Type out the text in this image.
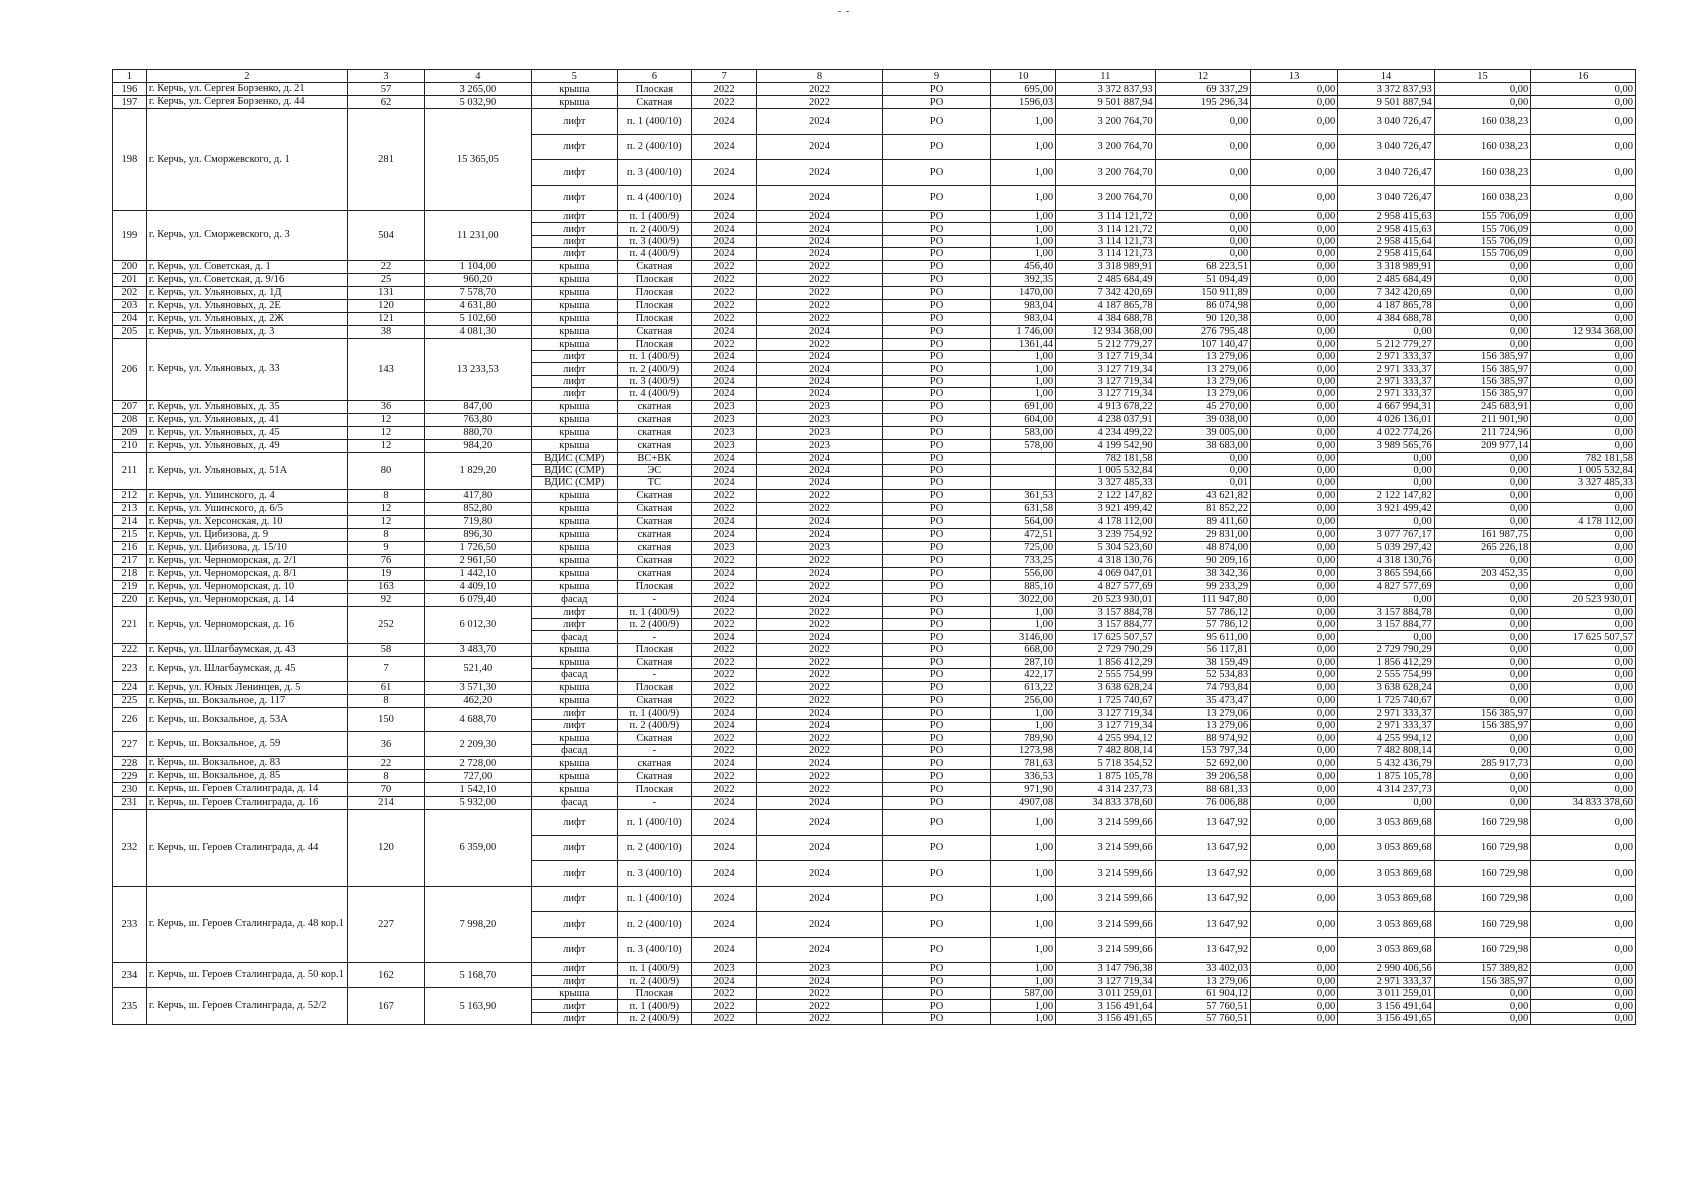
- -
1	2	3	4	5	6	7	8	9	10	11	12	13	14	15	16
196	г. Керчь, ул. Сергея Борзенко, д. 21	57	3 265,00	крыша	Плоская	2022	2022	РО	695,00	3 372 837,93	69 337,29	0,00	3 372 837,93	0,00	0,00
197	г. Керчь, ул. Сергея Борзенко, д. 44	62	5 032,90	крыша	Скатная	2022	2022	РО	1596,03	9 501 887,94	195 296,34	0,00	9 501 887,94	0,00	0,00
198	г. Керчь, ул. Сморжевского, д. 1	281	15 365,05	лифт	п. 1 (400/10)	2024	2024	РО	1,00	3 200 764,70	0,00	0,00	3 040 726,47	160 038,23	0,00
				лифт	п. 2 (400/10)	2024	2024	РО	1,00	3 200 764,70	0,00	0,00	3 040 726,47	160 038,23	0,00
				лифт	п. 3 (400/10)	2024	2024	РО	1,00	3 200 764,70	0,00	0,00	3 040 726,47	160 038,23	0,00
				лифт	п. 4 (400/10)	2024	2024	РО	1,00	3 200 764,70	0,00	0,00	3 040 726,47	160 038,23	0,00
199	г. Керчь, ул. Сморжевского, д. 3	504	11 231,00	лифт	п. 1 (400/9)	2024	2024	РО	1,00	3 114 121,72	0,00	0,00	2 958 415,63	155 706,09	0,00
				лифт	п. 2 (400/9)	2024	2024	РО	1,00	3 114 121,72	0,00	0,00	2 958 415,63	155 706,09	0,00
				лифт	п. 3 (400/9)	2024	2024	РО	1,00	3 114 121,73	0,00	0,00	2 958 415,64	155 706,09	0,00
				лифт	п. 4 (400/9)	2024	2024	РО	1,00	3 114 121,73	0,00	0,00	2 958 415,64	155 706,09	0,00
200	г. Керчь, ул. Советская, д. 1	22	1 104,00	крыша	Скатная	2022	2022	РО	456,40	3 318 989,91	68 223,51	0,00	3 318 989,91	0,00	0,00
201	г. Керчь, ул. Советская, д. 9/16	25	960,20	крыша	Плоская	2022	2022	РО	392,35	2 485 684,49	51 094,49	0,00	2 485 684,49	0,00	0,00
202	г. Керчь, ул. Ульяновых, д. 1Д	131	7 578,70	крыша	Плоская	2022	2022	РО	1470,00	7 342 420,69	150 911,89	0,00	7 342 420,69	0,00	0,00
203	г. Керчь, ул. Ульяновых, д. 2Е	120	4 631,80	крыша	Плоская	2022	2022	РО	983,04	4 187 865,78	86 074,98	0,00	4 187 865,78	0,00	0,00
204	г. Керчь, ул. Ульяновых, д. 2Ж	121	5 102,60	крыша	Плоская	2022	2022	РО	983,04	4 384 688,78	90 120,38	0,00	4 384 688,78	0,00	0,00
205	г. Керчь, ул. Ульяновых, д. 3	38	4 081,30	крыша	Скатная	2024	2024	РО	1 746,00	12 934 368,00	276 795,48	0,00	0,00	0,00	12 934 368,00
206	г. Керчь, ул. Ульяновых, д. 33	143	13 233,53	крыша	Плоская	2022	2022	РО	1361,44	5 212 779,27	107 140,47	0,00	5 212 779,27	0,00	0,00
				лифт	п. 1 (400/9)	2024	2024	РО	1,00	3 127 719,34	13 279,06	0,00	2 971 333,37	156 385,97	0,00
				лифт	п. 2 (400/9)	2024	2024	РО	1,00	3 127 719,34	13 279,06	0,00	2 971 333,37	156 385,97	0,00
				лифт	п. 3 (400/9)	2024	2024	РО	1,00	3 127 719,34	13 279,06	0,00	2 971 333,37	156 385,97	0,00
				лифт	п. 4 (400/9)	2024	2024	РО	1,00	3 127 719,34	13 279,06	0,00	2 971 333,37	156 385,97	0,00
207	г. Керчь, ул. Ульяновых, д. 35	36	847,00	крыша	скатная	2023	2023	РО	691,00	4 913 678,22	45 270,00	0,00	4 667 994,31	245 683,91	0,00
208	г. Керчь, ул. Ульяновых, д. 41	12	763,80	крыша	скатная	2023	2023	РО	604,00	4 238 037,91	39 038,00	0,00	4 026 136,01	211 901,90	0,00
209	г. Керчь, ул. Ульяновых, д. 45	12	880,70	крыша	скатная	2023	2023	РО	583,00	4 234 499,22	39 005,00	0,00	4 022 774,26	211 724,96	0,00
210	г. Керчь, ул. Ульяновых, д. 49	12	984,20	крыша	скатная	2023	2023	РО	578,00	4 199 542,90	38 683,00	0,00	3 989 565,76	209 977,14	0,00
211	г. Керчь, ул. Ульяновых, д. 51А	80	1 829,20	ВДИС (СМР)	ВС+ВК	2024	2024	РО		782 181,58	0,00	0,00	0,00	0,00	782 181,58
				ВДИС (СМР)	ЭС	2024	2024	РО		1 005 532,84	0,00	0,00	0,00	0,00	1 005 532,84
				ВДИС (СМР)	ТС	2024	2024	РО		3 327 485,33	0,01	0,00	0,00	0,00	3 327 485,33
212	г. Керчь, ул. Ушинского, д. 4	8	417,80	крыша	Скатная	2022	2022	РО	361,53	2 122 147,82	43 621,82	0,00	2 122 147,82	0,00	0,00
213	г. Керчь, ул. Ушинского, д. 6/5	12	852,80	крыша	Скатная	2022	2022	РО	631,58	3 921 499,42	81 852,22	0,00	3 921 499,42	0,00	0,00
214	г. Керчь, ул. Херсонская, д. 10	12	719,80	крыша	Скатная	2024	2024	РО	564,00	4 178 112,00	89 411,60	0,00	0,00	0,00	4 178 112,00
215	г. Керчь, ул. Цибизова, д. 9	8	896,30	крыша	скатная	2024	2024	РО	472,51	3 239 754,92	29 831,00	0,00	3 077 767,17	161 987,75	0,00
216	г. Керчь, ул. Цибизова, д. 15/10	9	1 726,50	крыша	скатная	2023	2023	РО	725,00	5 304 523,60	48 874,00	0,00	5 039 297,42	265 226,18	0,00
217	г. Керчь, ул. Черноморская, д. 2/1	76	2 961,50	крыша	Скатная	2022	2022	РО	733,25	4 318 130,76	90 209,16	0,00	4 318 130,76	0,00	0,00
218	г. Керчь, ул. Черноморская, д. 8/1	19	1 442,10	крыша	скатная	2024	2024	РО	556,00	4 069 047,01	38 342,36	0,00	3 865 594,66	203 452,35	0,00
219	г. Керчь, ул. Черноморская, д. 10	163	4 409,10	крыша	Плоская	2022	2022	РО	885,10	4 827 577,69	99 233,29	0,00	4 827 577,69	0,00	0,00
220	г. Керчь, ул. Черноморская, д. 14	92	6 079,40	фасад	-	2024	2024	РО	3022,00	20 523 930,01	111 947,80	0,00	0,00	0,00	20 523 930,01
221	г. Керчь, ул. Черноморская, д. 16	252	6 012,30	лифт	п. 1 (400/9)	2022	2022	РО	1,00	3 157 884,78	57 786,12	0,00	3 157 884,78	0,00	0,00
				лифт	п. 2 (400/9)	2022	2022	РО	1,00	3 157 884,77	57 786,12	0,00	3 157 884,77	0,00	0,00
				фасад	-	2024	2024	РО	3146,00	17 625 507,57	95 611,00	0,00	0,00	0,00	17 625 507,57
222	г. Керчь, ул. Шлагбаумская, д. 43	58	3 483,70	крыша	Плоская	2022	2022	РО	668,00	2 729 790,29	56 117,81	0,00	2 729 790,29	0,00	0,00
223	г. Керчь, ул. Шлагбаумская, д. 45	7	521,40	крыша	Скатная	2022	2022	РО	287,10	1 856 412,29	38 159,49	0,00	1 856 412,29	0,00	0,00
				фасад	-	2022	2022	РО	422,17	2 555 754,99	52 534,83	0,00	2 555 754,99	0,00	0,00
224	г. Керчь, ул. Юных Ленинцев, д. 5	61	3 571,30	крыша	Плоская	2022	2022	РО	613,22	3 638 628,24	74 793,84	0,00	3 638 628,24	0,00	0,00
225	г. Керчь, ш. Вокзальное, д. 117	8	462,20	крыша	Скатная	2022	2022	РО	256,00	1 725 740,67	35 473,47	0,00	1 725 740,67	0,00	0,00
226	г. Керчь, ш. Вокзальное, д. 53А	150	4 688,70	лифт	п. 1 (400/9)	2024	2024	РО	1,00	3 127 719,34	13 279,06	0,00	2 971 333,37	156 385,97	0,00
				лифт	п. 2 (400/9)	2024	2024	РО	1,00	3 127 719,34	13 279,06	0,00	2 971 333,37	156 385,97	0,00
227	г. Керчь, ш. Вокзальное, д. 59	36	2 209,30	крыша	Скатная	2022	2022	РО	789,90	4 255 994,12	88 974,92	0,00	4 255 994,12	0,00	0,00
				фасад	-	2022	2022	РО	1273,98	7 482 808,14	153 797,34	0,00	7 482 808,14	0,00	0,00
228	г. Керчь, ш. Вокзальное, д. 83	22	2 728,00	крыша	скатная	2024	2024	РО	781,63	5 718 354,52	52 692,00	0,00	5 432 436,79	285 917,73	0,00
229	г. Керчь, ш. Вокзальное, д. 85	8	727,00	крыша	Скатная	2022	2022	РО	336,53	1 875 105,78	39 206,58	0,00	1 875 105,78	0,00	0,00
230	г. Керчь, ш. Героев Сталинграда, д. 14	70	1 542,10	крыша	Плоская	2022	2022	РО	971,90	4 314 237,73	88 681,33	0,00	4 314 237,73	0,00	0,00
231	г. Керчь, ш. Героев Сталинграда, д. 16	214	5 932,00	фасад	-	2024	2024	РО	4907,08	34 833 378,60	76 006,88	0,00	0,00	0,00	34 833 378,60
232	г. Керчь, ш. Героев Сталинграда, д. 44	120	6 359,00	лифт	п. 1 (400/10)	2024	2024	РО	1,00	3 214 599,66	13 647,92	0,00	3 053 869,68	160 729,98	0,00
				лифт	п. 2 (400/10)	2024	2024	РО	1,00	3 214 599,66	13 647,92	0,00	3 053 869,68	160 729,98	0,00
				лифт	п. 3 (400/10)	2024	2024	РО	1,00	3 214 599,66	13 647,92	0,00	3 053 869,68	160 729,98	0,00
233	г. Керчь, ш. Героев Сталинграда, д. 48 кор.1	227	7 998,20	лифт	п. 1 (400/10)	2024	2024	РО	1,00	3 214 599,66	13 647,92	0,00	3 053 869,68	160 729,98	0,00
				лифт	п. 2 (400/10)	2024	2024	РО	1,00	3 214 599,66	13 647,92	0,00	3 053 869,68	160 729,98	0,00
				лифт	п. 3 (400/10)	2024	2024	РО	1,00	3 214 599,66	13 647,92	0,00	3 053 869,68	160 729,98	0,00
234	г. Керчь, ш. Героев Сталинграда, д. 50 кор.1	162	5 168,70	лифт	п. 1 (400/9)	2023	2023	РО	1,00	3 147 796,38	33 402,03	0,00	2 990 406,56	157 389,82	0,00
				лифт	п. 2 (400/9)	2024	2024	РО	1,00	3 127 719,34	13 279,06	0,00	2 971 333,37	156 385,97	0,00
235	г. Керчь, ш. Героев Сталинграда, д. 52/2	167	5 163,90	крыша	Плоская	2022	2022	РО	587,00	3 011 259,01	61 904,12	0,00	3 011 259,01	0,00	0,00
				лифт	п. 1 (400/9)	2022	2022	РО	1,00	3 156 491,64	57 760,51	0,00	3 156 491,64	0,00	0,00
				лифт	п. 2 (400/9)	2022	2022	РО	1,00	3 156 491,65	57 760,51	0,00	3 156 491,65	0,00	0,00
